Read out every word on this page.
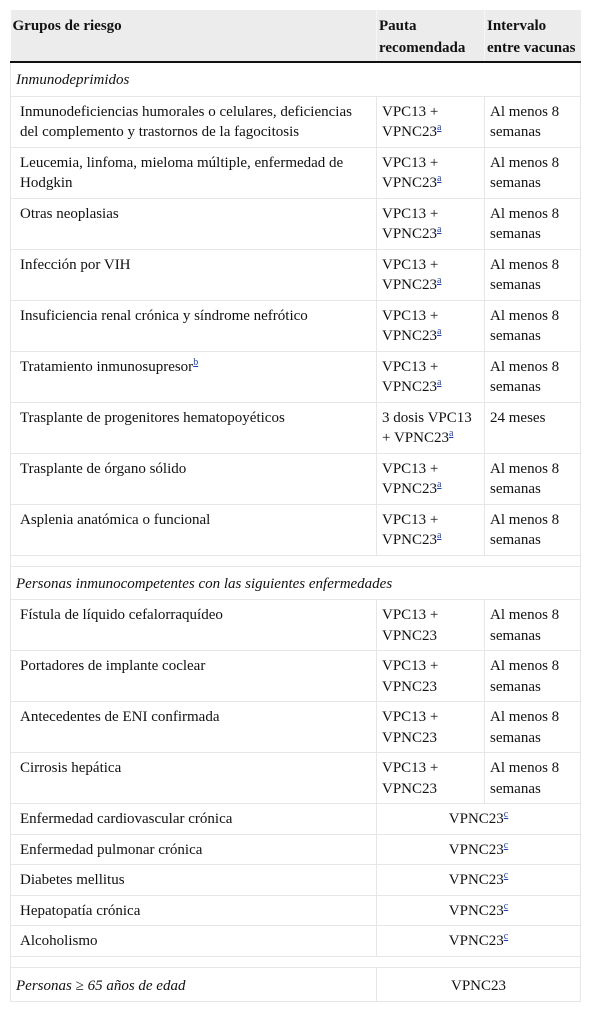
Grupos de riesgo	Pauta recomendada	Intervalo entre vacunas
Inmunodeprimidos		
Inmunodeficiencias humorales o celulares, deficiencias del complemento y trastornos de la fagocitosis	$VPC13 + VPNC23^a$	Al menos 8 semanas
Leucemia, linfoma, mieloma múltiple, enfermedad de Hodgkin	$VPC13 + VPNC23^a$	Al menos 8 semanas
Otras neoplasias	$VPC13 + VPNC23^a$	Al menos 8 semanas
Infección por VIH	$VPC13 + VPNC23^a$	Al menos 8 semanas
Insuficiencia renal crónica y síndrome nefrótico	$VPC13 + VPNC23^a$	Al menos 8 semanas
Tratamiento inmunosupresor$^b$	$VPC13 + VPNC23^a$	Al menos 8 semanas
Trasplante de progenitores hematopoyéticos	3 dosis $VPC13 + VPNC23^a$	24 meses
Trasplante de órgano sólido	$VPC13 + VPNC23^a$	Al menos 8 semanas
Asplenia anatómica o funcional	$VPC13 + VPNC23^a$	Al menos 8 semanas

Personas inmunocompetentes con las siguientes enfermedades		
Fístula de líquido cefalorraquídeo	VPC13 + VPNC23	Al menos 8 semanas
Portadores de implante coclear	VPC13 + VPNC23	Al menos 8 semanas
Antecedentes de ENI confirmada	VPC13 + VPNC23	Al menos 8 semanas
Cirrosis hepática	VPC13 + VPNC23	Al menos 8 semanas
Enfermedad cardiovascular crónica	VPNC23$^c$
Enfermedad pulmonar crónica	VPNC23$^c$
Diabetes mellitus	VPNC23$^c$
Hepatopatía crónica	VPNC23$^c$
Alcoholismo	VPNC23$^c$

Personas ≥ 65 años de edad	VPNC23	
